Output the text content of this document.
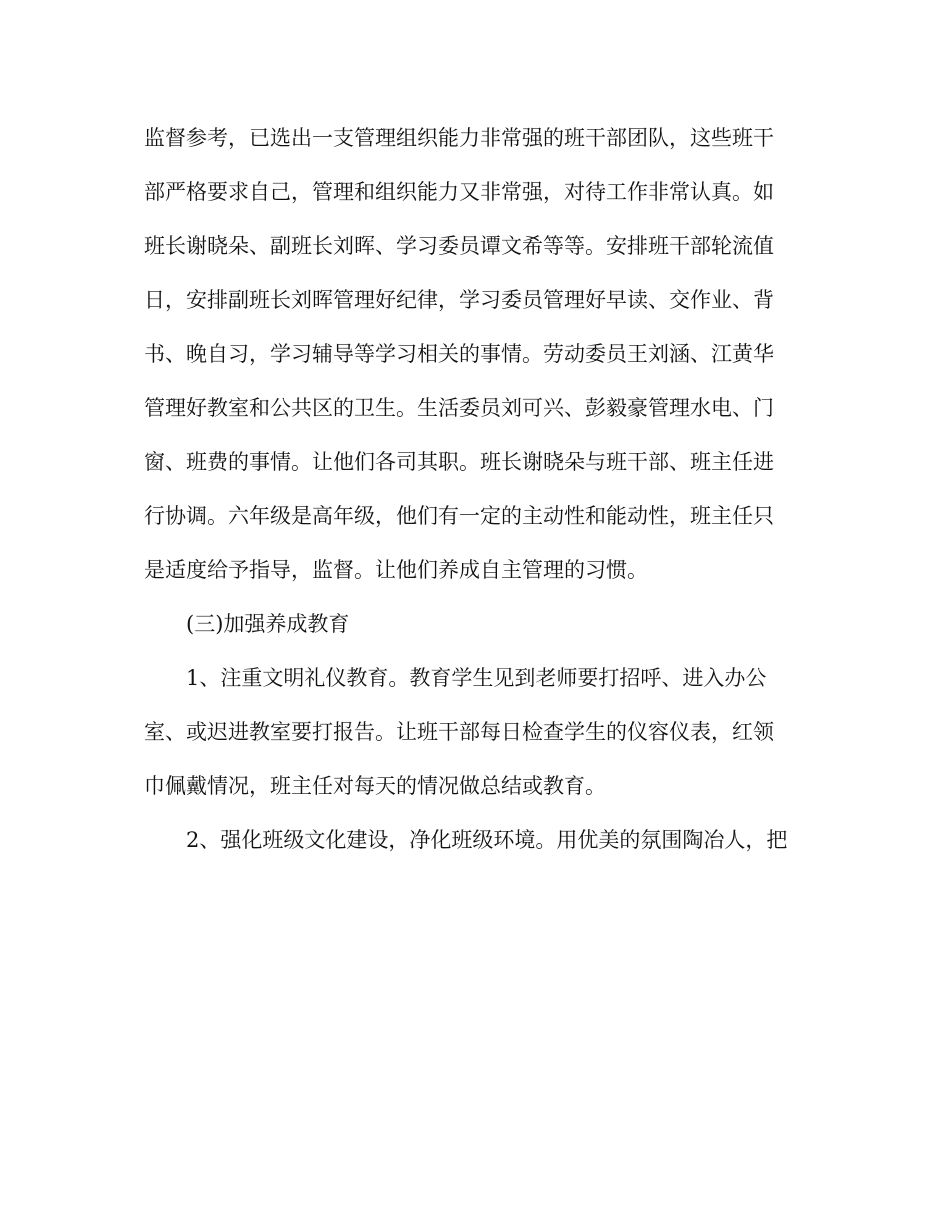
监督参考，已选出一支管理组织能力非常强的班干部团队，这些班干

部严格要求自己，管理和组织能力又非常强，对待工作非常认真。如

班长谢晓朵、副班长刘晖、学习委员谭文希等等。安排班干部轮流值

日，安排副班长刘晖管理好纪律，学习委员管理好早读、交作业、背

书、晚自习，学习辅导等学习相关的事情。劳动委员王刘涵、江黄华

管理好教室和公共区的卫生。生活委员刘可兴、彭毅豪管理水电、门

窗、班费的事情。让他们各司其职。班长谢晓朵与班干部、班主任进

行协调。六年级是高年级，他们有一定的主动性和能动性，班主任只

是适度给予指导，监督。让他们养成自主管理的习惯。

(三)加强养成教育

1、注重文明礼仪教育。教育学生见到老师要打招呼、进入办公

室、或迟进教室要打报告。让班干部每日检查学生的仪容仪表，红领

巾佩戴情况，班主任对每天的情况做总结或教育。

2、强化班级文化建设，净化班级环境。用优美的氛围陶冶人，把
